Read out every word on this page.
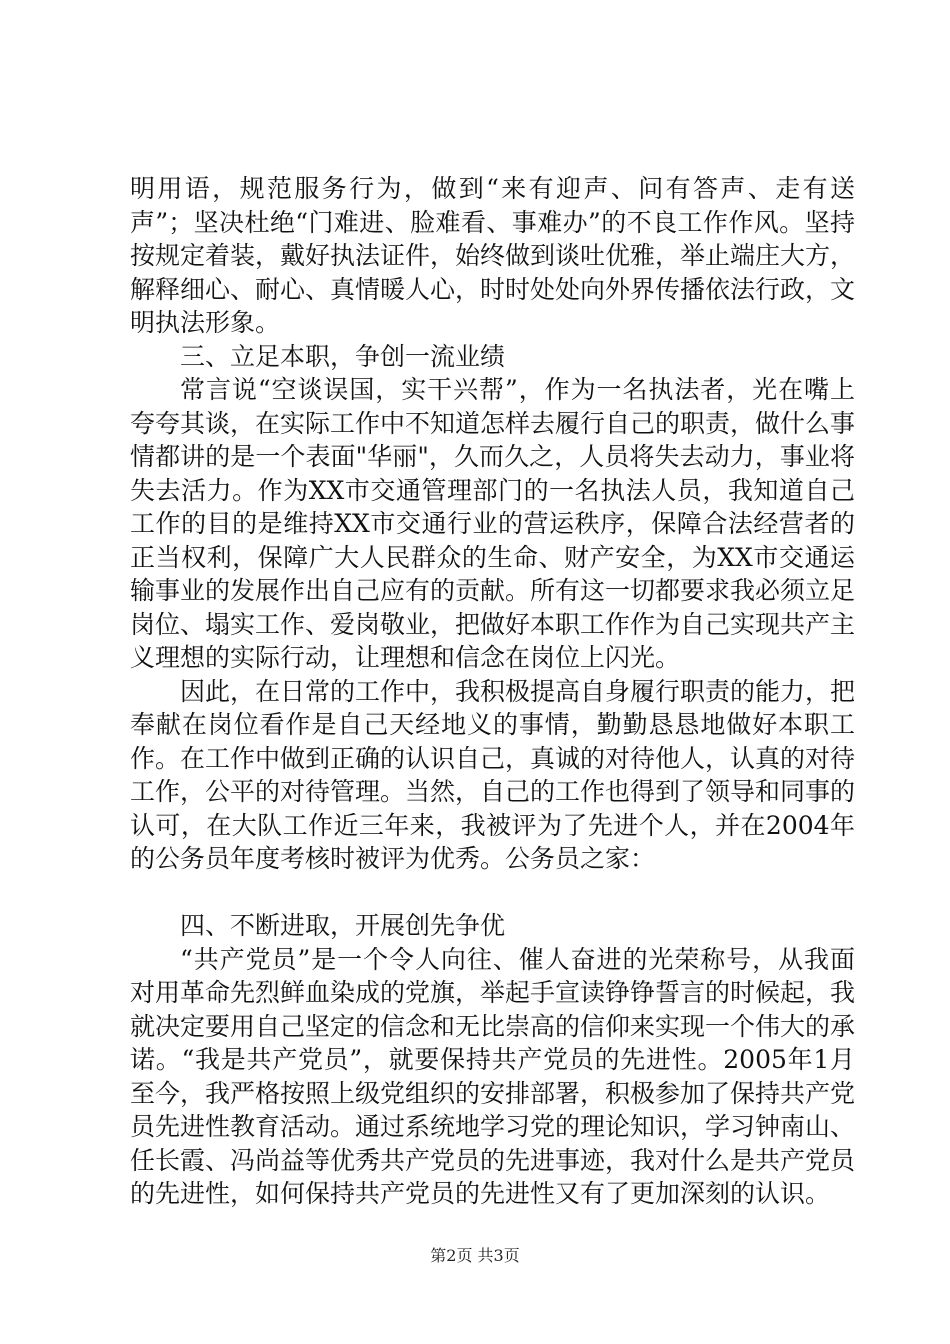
明用语，规范服务行为，做到“来有迎声、问有答声、走有送声”；坚决杜绝“门难进、脸难看、事难办”的不良工作作风。坚持按规定着装，戴好执法证件，始终做到谈吐优雅，举止端庄大方，解释细心、耐心、真情暖人心，时时处处向外界传播依法行政，文明执法形象。

三、立足本职，争创一流业绩

常言说“空谈误国，实干兴帮”，作为一名执法者，光在嘴上夸夸其谈，在实际工作中不知道怎样去履行自己的职责，做什么事情都讲的是一个表面"华丽"，久而久之，人员将失去动力，事业将失去活力。作为XX市交通管理部门的一名执法人员，我知道自己工作的目的是维持XX市交通行业的营运秩序，保障合法经营者的正当权利，保障广大人民群众的生命、财产安全，为XX市交通运输事业的发展作出自己应有的贡献。所有这一切都要求我必须立足岗位、塌实工作、爱岗敬业，把做好本职工作作为自己实现共产主义理想的实际行动，让理想和信念在岗位上闪光。

因此，在日常的工作中，我积极提高自身履行职责的能力，把奉献在岗位看作是自己天经地义的事情，勤勤恳恳地做好本职工作。在工作中做到正确的认识自己，真诚的对待他人，认真的对待工作，公平的对待管理。当然，自己的工作也得到了领导和同事的认可，在大队工作近三年来，我被评为了先进个人，并在2004年的公务员年度考核时被评为优秀。公务员之家：

四、不断进取，开展创先争优

“共产党员”是一个令人向往、催人奋进的光荣称号，从我面对用革命先烈鲜血染成的党旗，举起手宣读铮铮誓言的时候起，我就决定要用自己坚定的信念和无比崇高的信仰来实现一个伟大的承诺。“我是共产党员”，就要保持共产党员的先进性。2005年1月至今，我严格按照上级党组织的安排部署，积极参加了保持共产党员先进性教育活动。通过系统地学习党的理论知识，学习钟南山、任长霞、冯尚益等优秀共产党员的先进事迹，我对什么是共产党员的先进性，如何保持共产党员的先进性又有了更加深刻的认识。

第2页 共3页
